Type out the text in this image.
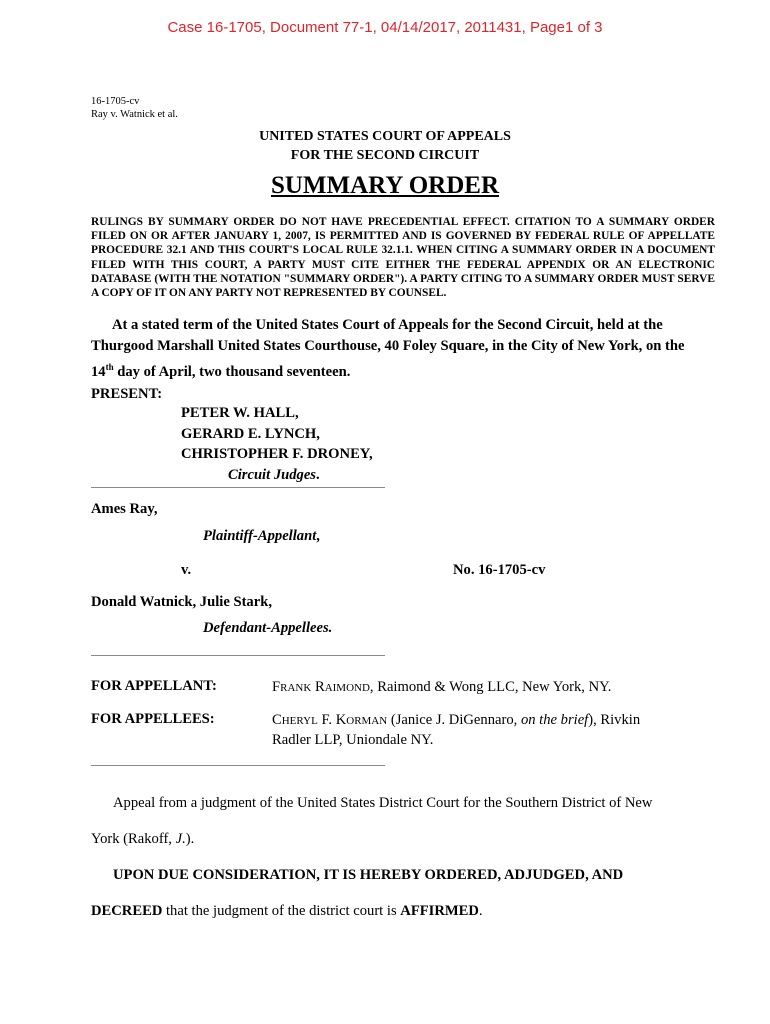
Case 16-1705, Document 77-1, 04/14/2017, 2011431, Page1 of 3
16-1705-cv
Ray v. Watnick et al.
UNITED STATES COURT OF APPEALS
FOR THE SECOND CIRCUIT
SUMMARY ORDER
RULINGS BY SUMMARY ORDER DO NOT HAVE PRECEDENTIAL EFFECT. CITATION TO A SUMMARY ORDER FILED ON OR AFTER JANUARY 1, 2007, IS PERMITTED AND IS GOVERNED BY FEDERAL RULE OF APPELLATE PROCEDURE 32.1 AND THIS COURT'S LOCAL RULE 32.1.1. WHEN CITING A SUMMARY ORDER IN A DOCUMENT FILED WITH THIS COURT, A PARTY MUST CITE EITHER THE FEDERAL APPENDIX OR AN ELECTRONIC DATABASE (WITH THE NOTATION "SUMMARY ORDER"). A PARTY CITING TO A SUMMARY ORDER MUST SERVE A COPY OF IT ON ANY PARTY NOT REPRESENTED BY COUNSEL.
At a stated term of the United States Court of Appeals for the Second Circuit, held at the Thurgood Marshall United States Courthouse, 40 Foley Square, in the City of New York, on the 14th day of April, two thousand seventeen.
PRESENT:
PETER W. HALL,
GERARD E. LYNCH,
CHRISTOPHER F. DRONEY,
Circuit Judges.
Ames Ray,
Plaintiff-Appellant,
v.	No. 16-1705-cv
Donald Watnick, Julie Stark,
Defendant-Appellees.
FOR APPELLANT:	FRANK RAIMOND, Raimond & Wong LLC, New York, NY.
FOR APPELLEES:	CHERYL F. KORMAN (Janice J. DiGennaro, on the brief), Rivkin
Radler LLP, Uniondale NY.
Appeal from a judgment of the United States District Court for the Southern District of New
York (Rakoff, J.).
UPON DUE CONSIDERATION, IT IS HEREBY ORDERED, ADJUDGED, AND
DECREED that the judgment of the district court is AFFIRMED.
